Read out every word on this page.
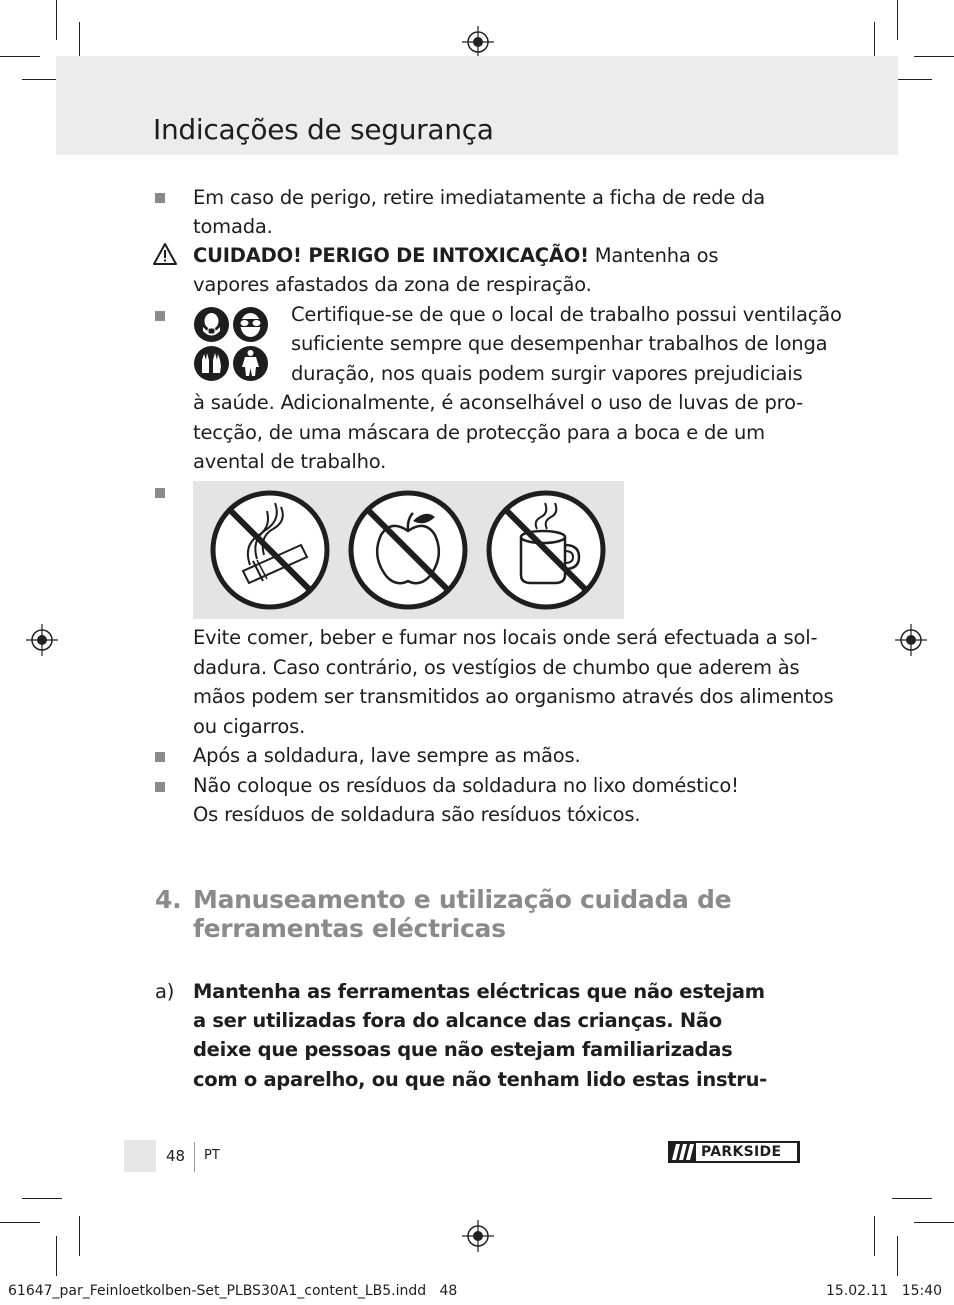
Indicações de segurança
Em caso de perigo, retire imediatamente a ficha de rede da
tomada.
CUIDADO! PERIGO DE INTOXICAÇÃO! Mantenha os
vapores afastados da zona de respiração.
Certifique-se de que o local de trabalho possui ventilação
suficiente sempre que desempenhar trabalhos de longa
duração, nos quais podem surgir vapores prejudiciais
à saúde. Adicionalmente, é aconselhável o uso de luvas de pro-
tecção, de uma máscara de protecção para a boca e de um
avental de trabalho.
Evite comer, beber e fumar nos locais onde será efectuada a sol-
dadura. Caso contrário, os vestígios de chumbo que aderem às
mãos podem ser transmitidos ao organismo através dos alimentos
ou cigarros.
Após a soldadura, lave sempre as mãos.
Não coloque os resíduos da soldadura no lixo doméstico!
Os resíduos de soldadura são resíduos tóxicos.
4. Manuseamento e utilização cuidada de
ferramentas eléctricas
a) Mantenha as ferramentas eléctricas que não estejam
a ser utilizadas fora do alcance das crianças. Não
deixe que pessoas que não estejam familiarizadas
com o aparelho, ou que não tenham lido estas instru-
48 PT	PARKSIDE
61647_par_Feinloetkolben-Set_PLBS30A1_content_LB5.indd   48	15.02.11   15:40
